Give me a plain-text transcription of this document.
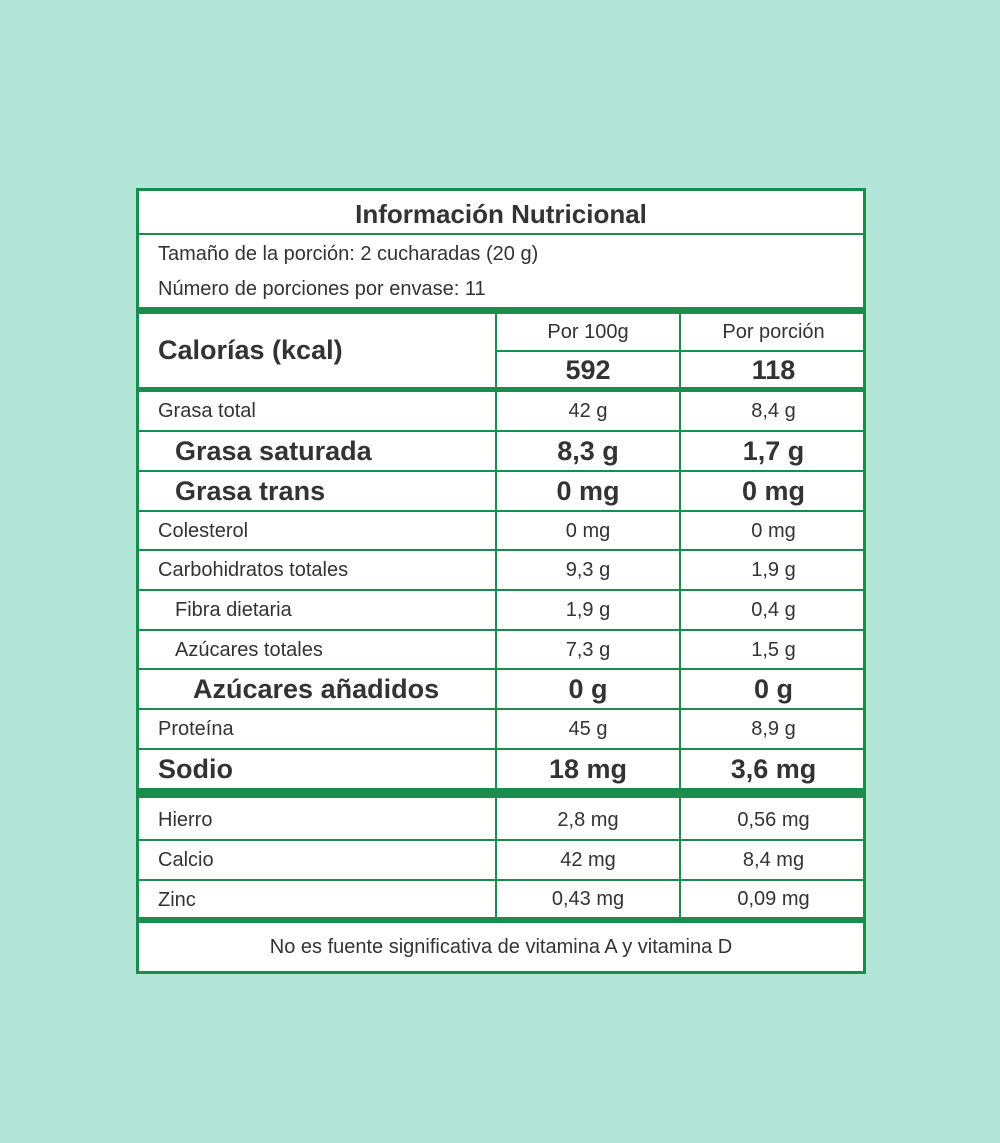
Información Nutricional
Tamaño de la porción: 2 cucharadas (20 g)
Número de porciones por envase: 11
Calorías (kcal)
Por 100g	Por porción
592	118
Grasa total	42 g	8,4 g
Grasa saturada	8,3 g	1,7 g
Grasa trans	0 mg	0 mg
Colesterol	0 mg	0 mg
Carbohidratos totales	9,3 g	1,9 g
Fibra dietaria	1,9 g	0,4 g
Azúcares totales	7,3 g	1,5 g
Azúcares añadidos	0 g	0 g
Proteína	45 g	8,9 g
Sodio	18 mg	3,6 mg
Hierro	2,8 mg	0,56 mg
Calcio	42 mg	8,4 mg
Zinc	0,43 mg	0,09 mg
No es fuente significativa de vitamina A y vitamina D
